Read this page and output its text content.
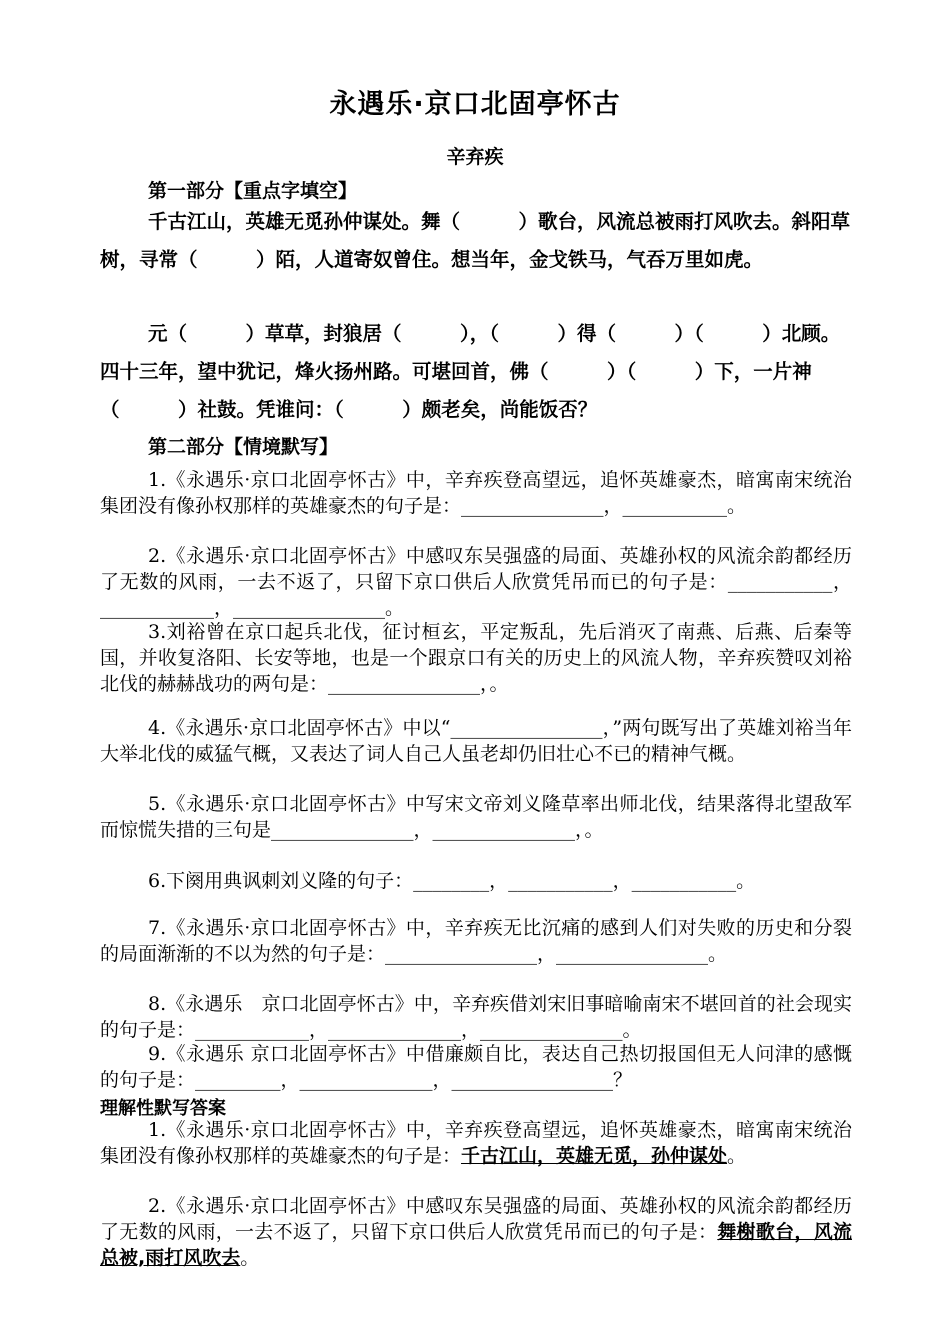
永遇乐·京口北固亭怀古
辛弃疾
第一部分【重点字填空】
千古江山，英雄无觅孙仲谋处。舞（　　　）歌台，风流总被雨打风吹去。斜阳草树，寻常（　　　）陌，人道寄奴曾住。想当年，金戈铁马，气吞万里如虎。
元（　　　）草草，封狼居（　　　），（　　　）得（　　　）（　　　）北顾。四十三年，望中犹记，烽火扬州路。可堪回首，佛（　　　）（　　　）下，一片神（　　　）社鼓。凭谁问：（　　　）颇老矣，尚能饭否？
第二部分【情境默写】
1.《永遇乐·京口北固亭怀古》中，辛弃疾登高望远，追怀英雄豪杰，暗寓南宋统治集团没有像孙权那样的英雄豪杰的句子是：_______________，___________。
2.《永遇乐·京口北固亭怀古》中感叹东吴强盛的局面、英雄孙权的风流余韵都经历了无数的风雨，一去不返了，只留下京口供后人欣赏凭吊而已的句子是：___________，____________，________________。
3.刘裕曾在京口起兵北伐，征讨桓玄，平定叛乱，先后消灭了南燕、后燕、后秦等国，并收复洛阳、长安等地，也是一个跟京口有关的历史上的风流人物，辛弃疾赞叹刘裕北伐的赫赫战功的两句是：________________，。
4.《永遇乐·京口北固亭怀古》中以“________________，”两句既写出了英雄刘裕当年大举北伐的威猛气概，又表达了词人自己人虽老却仍旧壮心不已的精神气概。
5.《永遇乐·京口北固亭怀古》中写宋文帝刘义隆草率出师北伐，结果落得北望敌军而惊慌失措的三句是_______________，_______________，。
6.下阕用典讽刺刘义隆的句子：________，___________，___________。
7.《永遇乐·京口北固亭怀古》中，辛弃疾无比沉痛的感到人们对失败的历史和分裂的局面渐渐的不以为然的句子是：________________，________________。
8.《永遇乐　京口北固亭怀古》中，辛弃疾借刘宋旧事暗喻南宋不堪回首的社会现实的句子是：____________，______________，_______________。
9.《永遇乐 京口北固亭怀古》中借廉颇自比，表达自己热切报国但无人问津的感慨的句子是：_________，______________，_________________？
理解性默写答案
1.《永遇乐·京口北固亭怀古》中，辛弃疾登高望远，追怀英雄豪杰，暗寓南宋统治集团没有像孙权那样的英雄豪杰的句子是：千古江山，英雄无觅，孙仲谋处。
2.《永遇乐·京口北固亭怀古》中感叹东吴强盛的局面、英雄孙权的风流余韵都经历了无数的风雨，一去不返了，只留下京口供后人欣赏凭吊而已的句子是：舞榭歌台，风流总被,雨打风吹去。
